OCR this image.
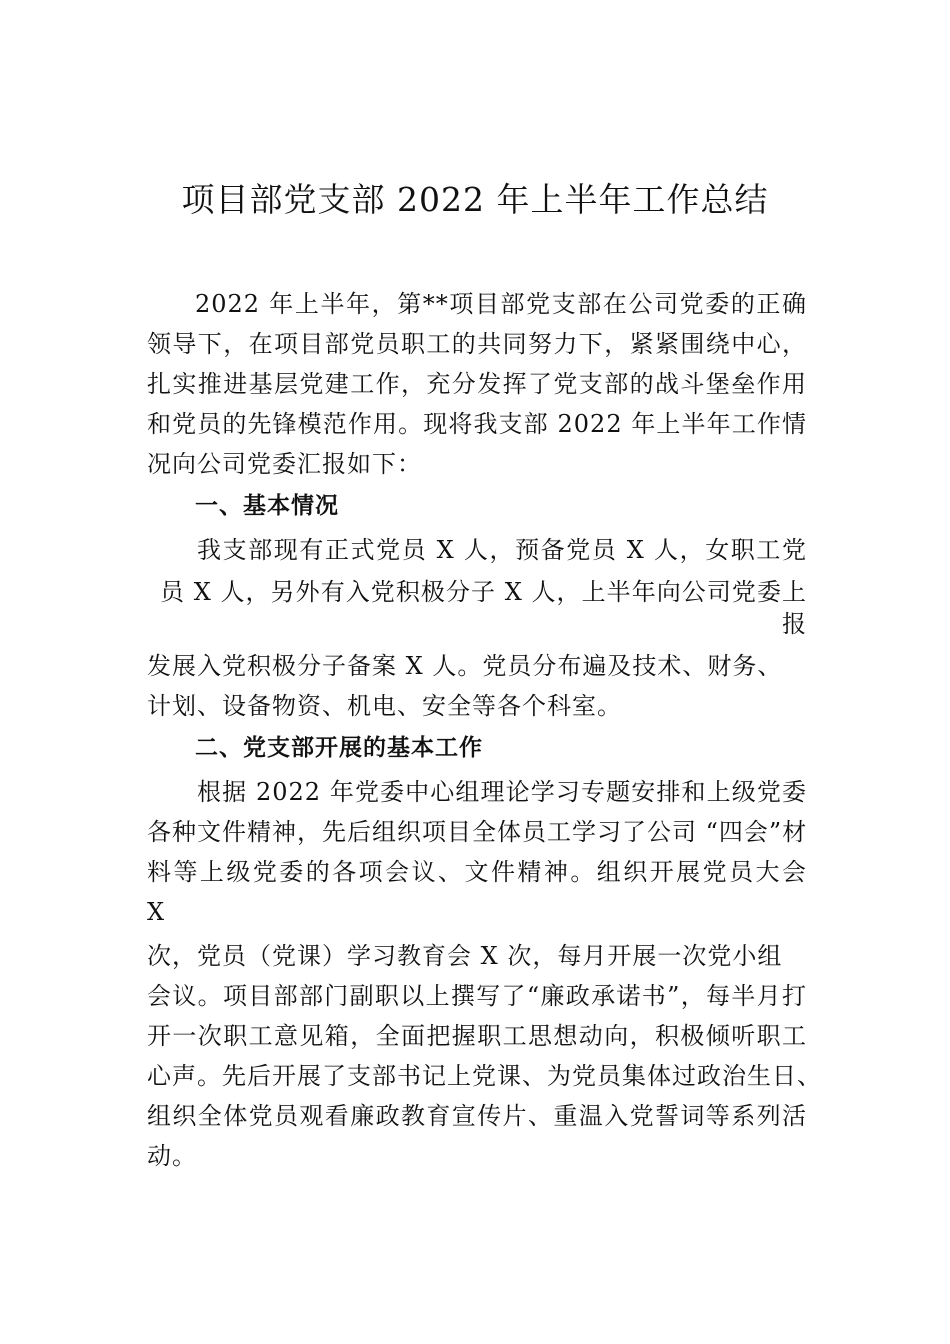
项目部党支部 2022 年上半年工作总结
2022 年上半年，第**项目部党支部在公司党委的正确
领导下，在项目部党员职工的共同努力下，紧紧围绕中心，
扎实推进基层党建工作，充分发挥了党支部的战斗堡垒作用
和党员的先锋模范作用。现将我支部 2022 年上半年工作情
况向公司党委汇报如下：
一、基本情况
我支部现有正式党员 X 人，预备党员 X 人，女职工党
员 X 人，另外有入党积极分子 X 人，上半年向公司党委上
报
发展入党积极分子备案 X 人。党员分布遍及技术、财务、
计划、设备物资、机电、安全等各个科室。
二、党支部开展的基本工作
根据 2022 年党委中心组理论学习专题安排和上级党委
各种文件精神，先后组织项目全体员工学习了公司 “四会”材
料等上级党委的各项会议、文件精神。组织开展党员大会
X
次，党员（党课）学习教育会 X 次，每月开展一次党小组
会议。项目部部门副职以上撰写了“廉政承诺书”，每半月打
开一次职工意见箱，全面把握职工思想动向，积极倾听职工
心声。先后开展了支部书记上党课、为党员集体过政治生日、
组织全体党员观看廉政教育宣传片、重温入党誓词等系列活
动。
